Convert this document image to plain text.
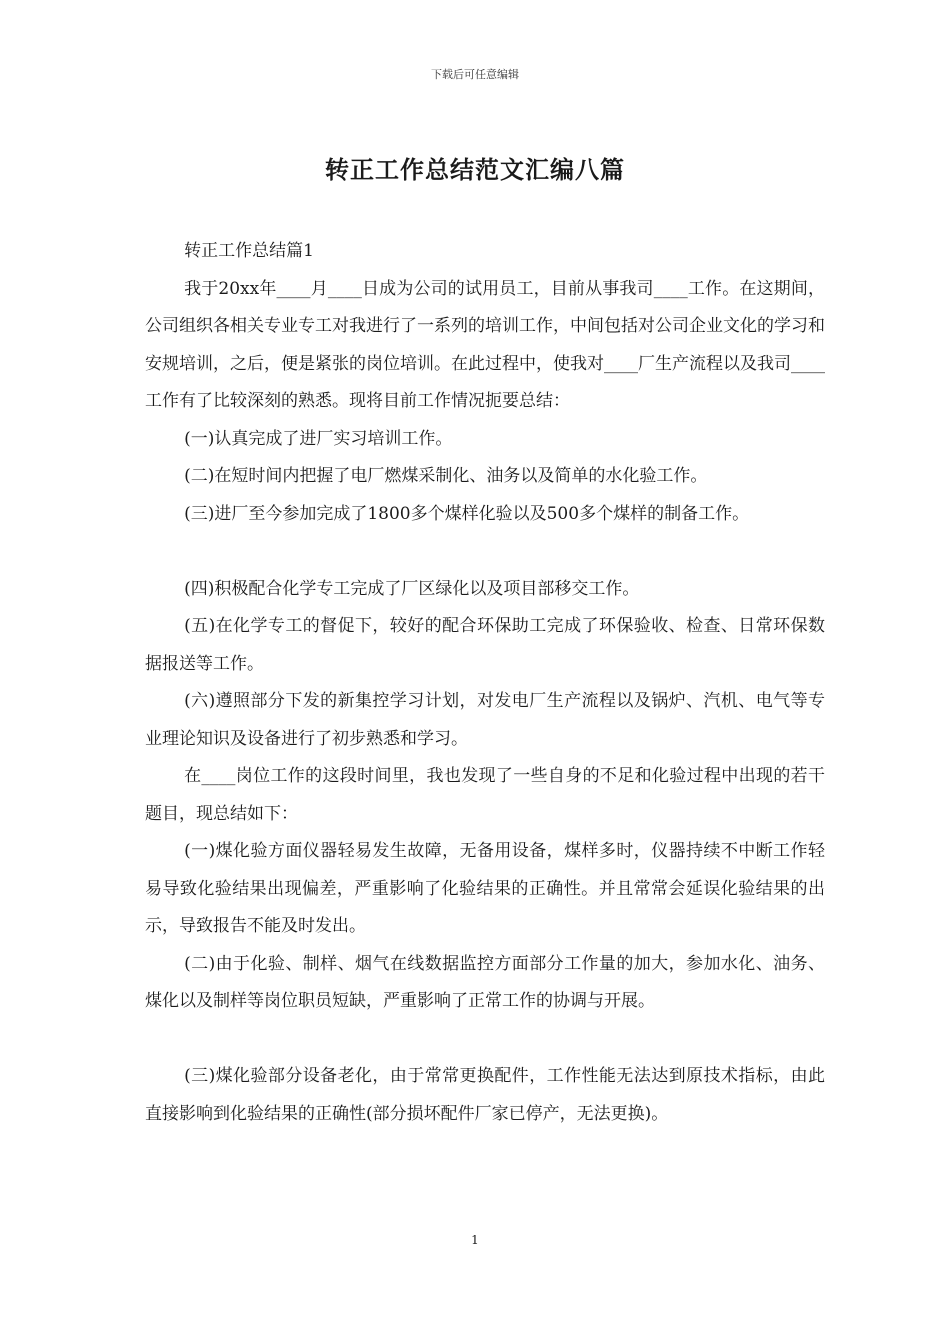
下载后可任意编辑
转正工作总结范文汇编八篇

转正工作总结篇1

我于20xx年____月____日成为公司的试用员工，目前从事我司____工作。在这期间，公司组织各相关专业专工对我进行了一系列的培训工作，中间包括对公司企业文化的学习和安规培训，之后，便是紧张的岗位培训。在此过程中，使我对____厂生产流程以及我司____工作有了比较深刻的熟悉。现将目前工作情况扼要总结：

(一)认真完成了进厂实习培训工作。

(二)在短时间内把握了电厂燃煤采制化、油务以及简单的水化验工作。

(三)进厂至今参加完成了1800多个煤样化验以及500多个煤样的制备工作。

(四)积极配合化学专工完成了厂区绿化以及项目部移交工作。

(五)在化学专工的督促下，较好的配合环保助工完成了环保验收、检查、日常环保数据报送等工作。

(六)遵照部分下发的新集控学习计划，对发电厂生产流程以及锅炉、汽机、电气等专业理论知识及设备进行了初步熟悉和学习。

在____岗位工作的这段时间里，我也发现了一些自身的不足和化验过程中出现的若干题目，现总结如下：

(一)煤化验方面仪器轻易发生故障，无备用设备，煤样多时，仪器持续不中断工作轻易导致化验结果出现偏差，严重影响了化验结果的正确性。并且常常会延误化验结果的出示，导致报告不能及时发出。

(二)由于化验、制样、烟气在线数据监控方面部分工作量的加大，参加水化、油务、煤化以及制样等岗位职员短缺，严重影响了正常工作的协调与开展。

(三)煤化验部分设备老化，由于常常更换配件，工作性能无法达到原技术指标，由此直接影响到化验结果的正确性(部分损坏配件厂家已停产，无法更换)。

1
